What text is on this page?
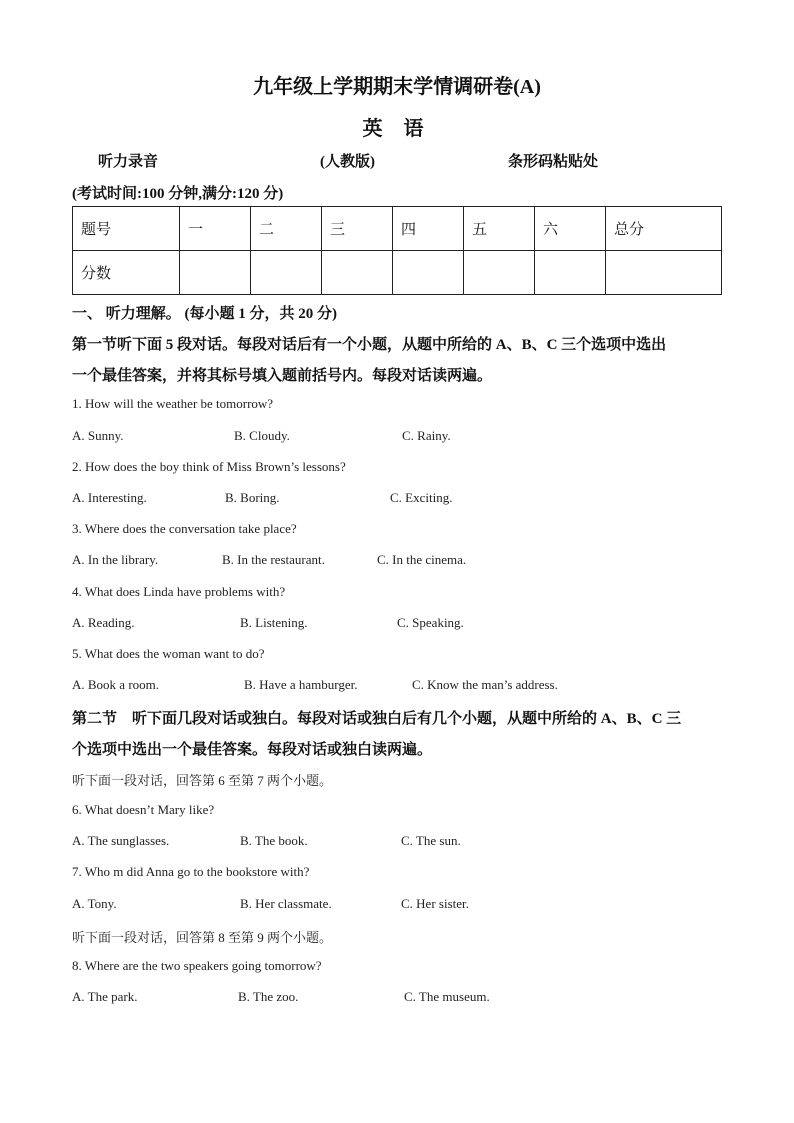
九年级上学期期末学情调研卷(A)
英 语
听力录音	(人教版)	条形码粘贴处
(考试时间:100 分钟,满分:120 分)
题号	一	二	三	四	五	六	总分
分数							
一、 听力理解。 (每小题 1 分，共 20 分)
第一节听下面 5 段对话。每段对话后有一个小题，从题中所给的 A、B、C 三个选项中选出
一个最佳答案，并将其标号填入题前括号内。每段对话读两遍。
1. How will the weather be tomorrow?
A. Sunny.	B. Cloudy.	C. Rainy.
2. How does the boy think of Miss Brown’s lessons?
A. Interesting.	B. Boring.	C. Exciting.
3. Where does the conversation take place?
A. In the library.	B. In the restaurant.	C. In the cinema.
4. What does Linda have problems with?
A. Reading.	B. Listening.	C. Speaking.
5. What does the woman want to do?
A. Book a room.	B. Have a hamburger.	C. Know the man’s address.
第二节　听下面几段对话或独白。每段对话或独白后有几个小题，从题中所给的 A、B、C 三
个选项中选出一个最佳答案。每段对话或独白读两遍。
听下面一段对话，回答第 6 至第 7 两个小题。
6. What doesn’t Mary like?
A. The sunglasses.	B. The book.	C. The sun.
7. Who m did Anna go to the bookstore with?
A. Tony.	B. Her classmate.	C. Her sister.
听下面一段对话，回答第 8 至第 9 两个小题。
8. Where are the two speakers going tomorrow?
A. The park.	B. The zoo.	C. The museum.
